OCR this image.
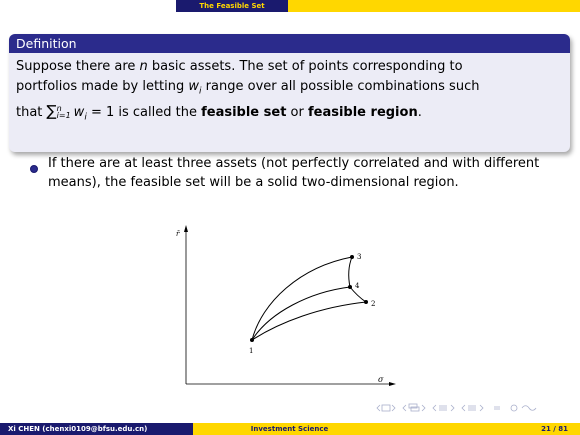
The Feasible Set
Definition
Suppose there are n basic assets. The set of points corresponding to
portfolios made by letting $w_i$ range over all possible combinations such
that ∑ n
i=1 $w_i = 1$ is called the feasible set or feasible region.
If there are at least three assets (not perfectly correlated and with different means), the feasible set will be a solid two-dimensional region.
r̄
σ
1
2
3
4
Xi CHEN (chenxi0109@bfsu.edu.cn)	Investment Science	21 / 81
